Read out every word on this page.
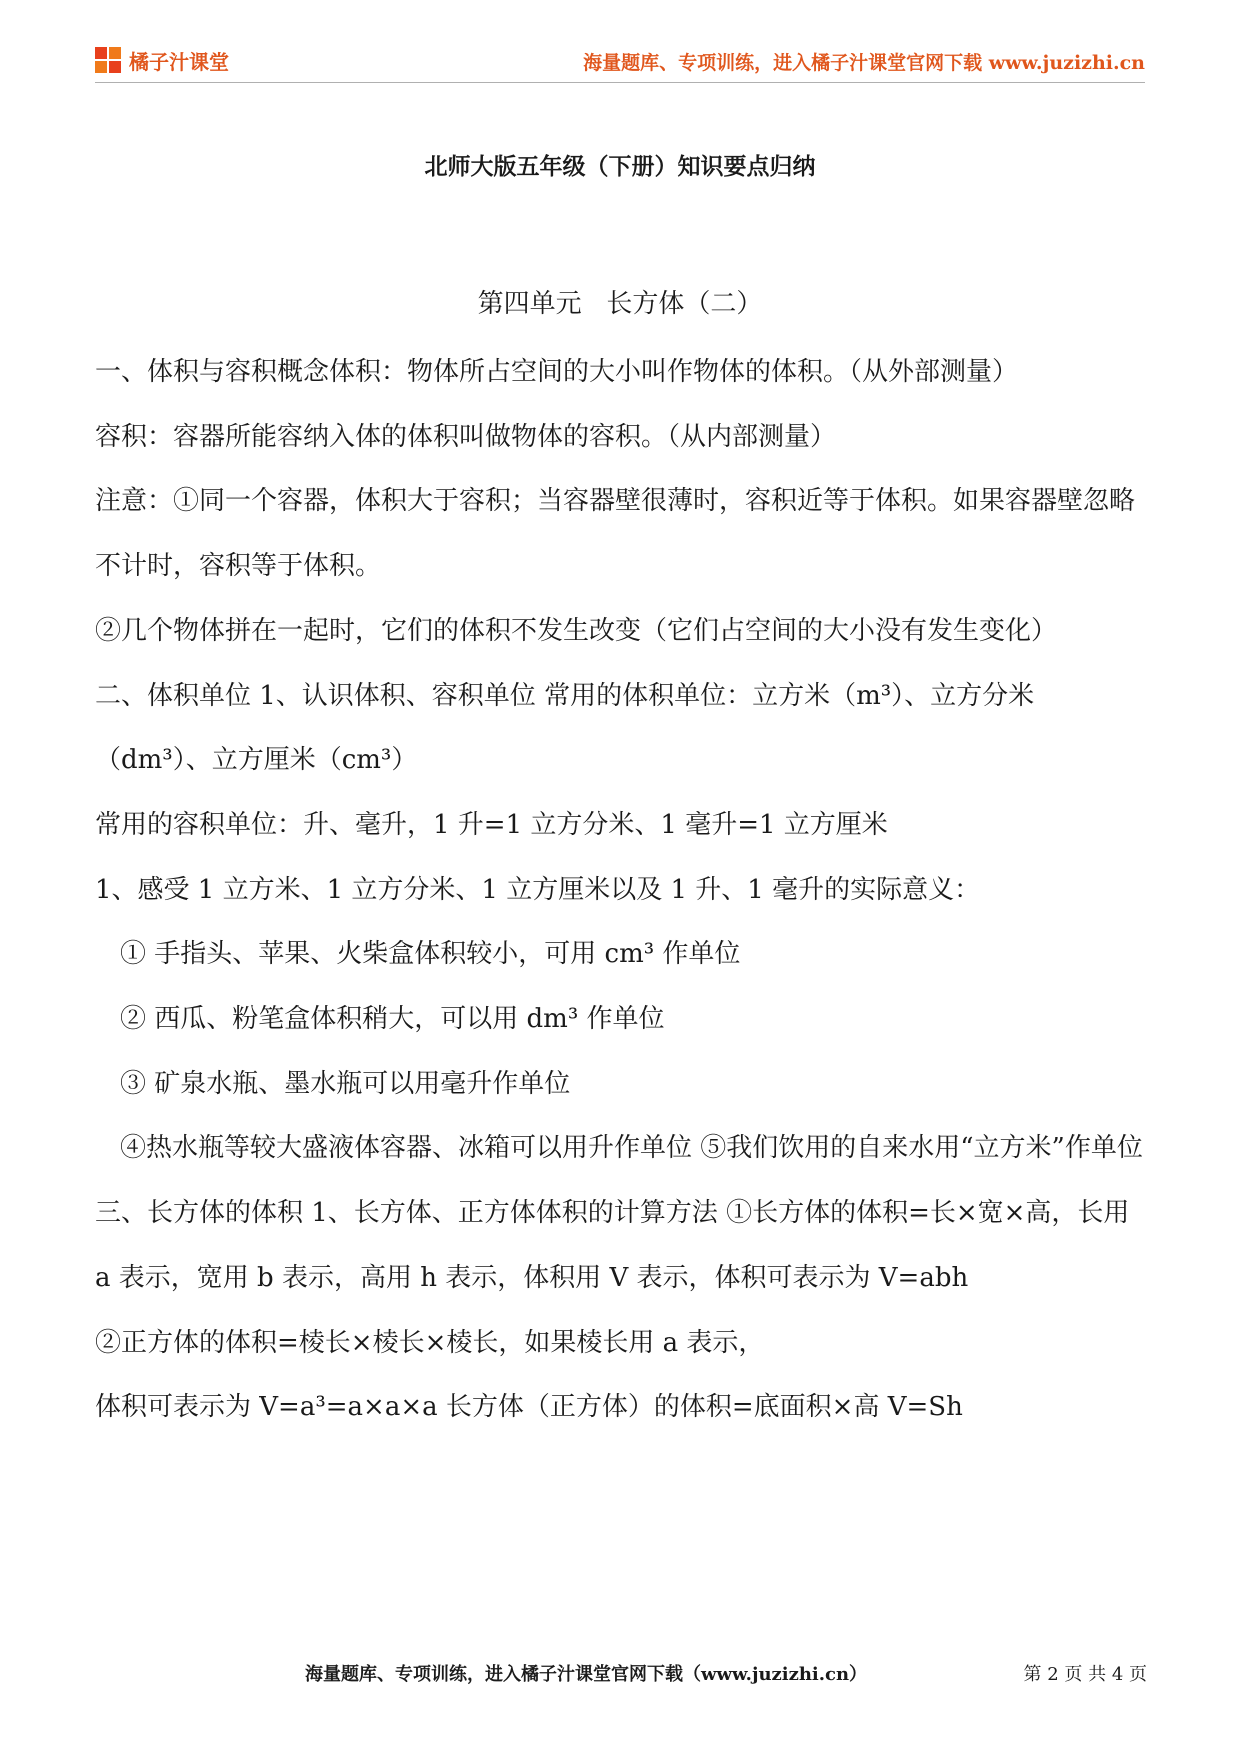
橘子汁课堂	海量题库、专项训练，进入橘子汁课堂官网下载 www.juzizhi.cn
北师大版五年级（下册）知识要点归纳
第四单元   长方体（二）

一、体积与容积概念体积：物体所占空间的大小叫作物体的体积。（从外部测量）

容积：容器所能容纳入体的体积叫做物体的容积。（从内部测量）

注意：①同一个容器，体积大于容积；当容器壁很薄时，容积近等于体积。如果容器壁忽略不计时，容积等于体积。

②几个物体拼在一起时，它们的体积不发生改变（它们占空间的大小没有发生变化）

二、体积单位 1、认识体积、容积单位 常用的体积单位：立方米（m³）、立方分米（dm³）、立方厘米（cm³）

常用的容积单位：升、毫升，1 升=1 立方分米、1 毫升=1 立方厘米

1、感受 1 立方米、1 立方分米、1 立方厘米以及 1 升、1 毫升的实际意义：

① 手指头、苹果、火柴盒体积较小，可用 cm³ 作单位

② 西瓜、粉笔盒体积稍大，可以用 dm³ 作单位

③ 矿泉水瓶、墨水瓶可以用毫升作单位

④热水瓶等较大盛液体容器、冰箱可以用升作单位 ⑤我们饮用的自来水用“立方米”作单位

三、长方体的体积 1、长方体、正方体体积的计算方法 ①长方体的体积=长×宽×高，长用 a 表示，宽用 b 表示，高用 h 表示，体积用 V 表示，体积可表示为 V=abh

②正方体的体积=棱长×棱长×棱长，如果棱长用 a 表示，

体积可表示为 V=a³=a×a×a 长方体（正方体）的体积=底面积×高 V=Sh

海量题库、专项训练，进入橘子汁课堂官网下载（www.juzizhi.cn）	第 2 页 共 4 页
